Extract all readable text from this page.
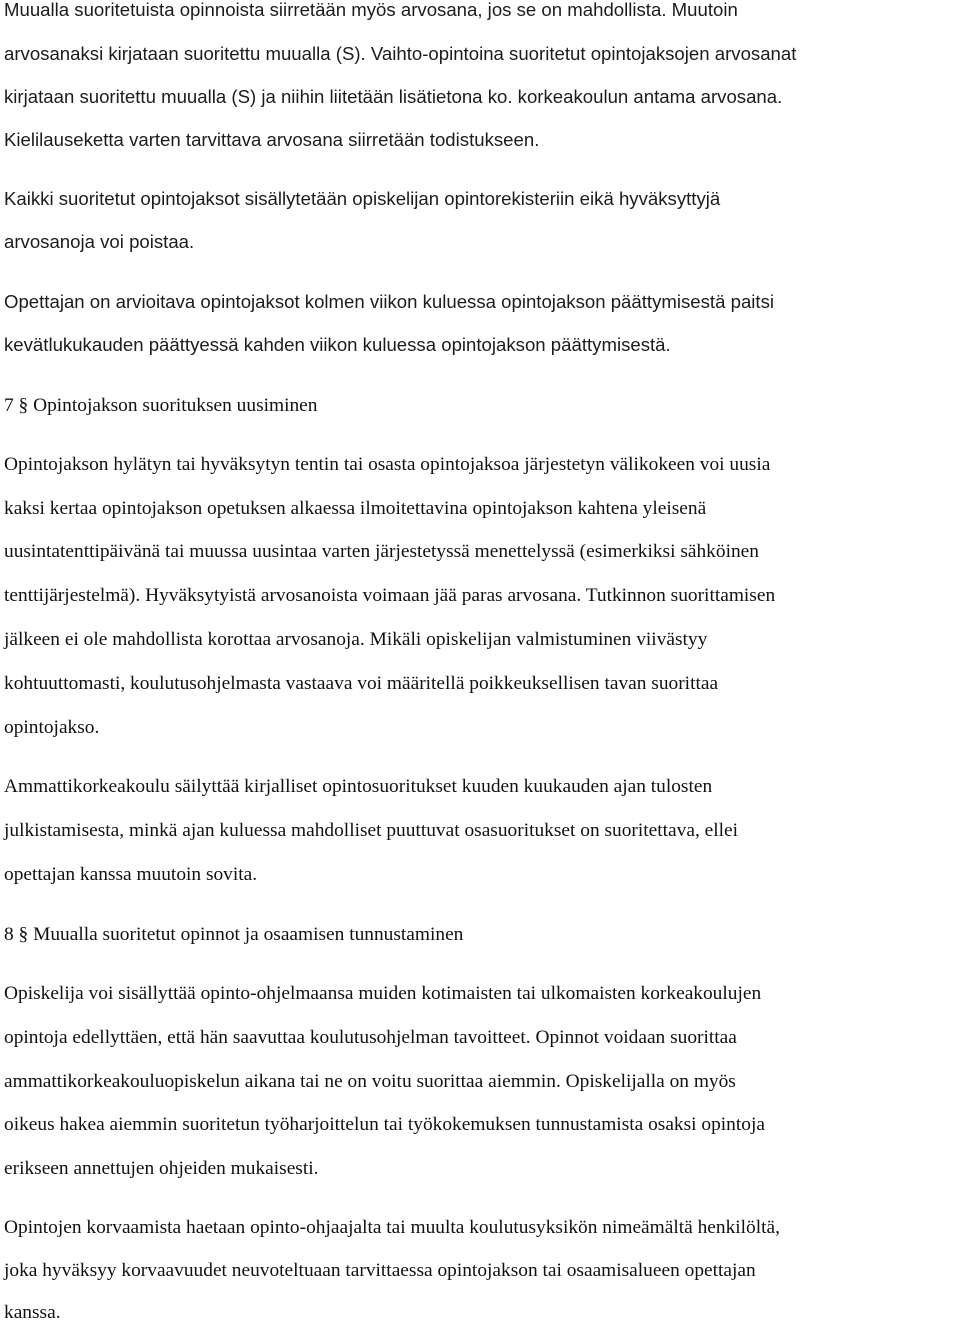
Muualla suoritetuista opinnoista siirretään myös arvosana, jos se on mahdollista. Muutoin
arvosanaksi kirjataan suoritettu muualla (S). Vaihto-opintoina suoritetut opintojaksojen arvosanat
kirjataan suoritettu muualla (S) ja niihin liitetään lisätietona ko. korkeakoulun antama arvosana.
Kielilauseketta varten tarvittava arvosana siirretään todistukseen.
Kaikki suoritetut opintojaksot sisällytetään opiskelijan opintorekisteriin eikä hyväksyttyjä
arvosanoja voi poistaa.
Opettajan on arvioitava opintojaksot kolmen viikon kuluessa opintojakson päättymisestä paitsi
kevätlukukauden päättyessä kahden viikon kuluessa opintojakson päättymisestä.
7 § Opintojakson suorituksen uusiminen
Opintojakson hylätyn tai hyväksytyn tentin tai osasta opintojaksoa järjestetyn välikokeen voi uusia
kaksi kertaa opintojakson opetuksen alkaessa ilmoitettavina opintojakson kahtena yleisenä
uusintatenttipäivänä tai muussa uusintaa varten järjestetyssä menettelyssä (esimerkiksi sähköinen
tenttijärjestelmä). Hyväksytyistä arvosanoista voimaan jää paras arvosana. Tutkinnon suorittamisen
jälkeen ei ole mahdollista korottaa arvosanoja. Mikäli opiskelijan valmistuminen viivästyy
kohtuuttomasti, koulutusohjelmasta vastaava voi määritellä poikkeuksellisen tavan suorittaa
opintojakso.
Ammattikorkeakoulu säilyttää kirjalliset opintosuoritukset kuuden kuukauden ajan tulosten
julkistamisesta, minkä ajan kuluessa mahdolliset puuttuvat osasuoritukset on suoritettava, ellei
opettajan kanssa muutoin sovita.
8 § Muualla suoritetut opinnot ja osaamisen tunnustaminen
Opiskelija voi sisällyttää opinto-ohjelmaansa muiden kotimaisten tai ulkomaisten korkeakoulujen
opintoja edellyttäen, että hän saavuttaa koulutusohjelman tavoitteet. Opinnot voidaan suorittaa
ammattikorkeakouluopiskelun aikana tai ne on voitu suorittaa aiemmin. Opiskelijalla on myös
oikeus hakea aiemmin suoritetun työharjoittelun tai työkokemuksen tunnustamista osaksi opintoja
erikseen annettujen ohjeiden mukaisesti.
Opintojen korvaamista haetaan opinto-ohjaajalta tai muulta koulutusyksikön nimeämältä henkilöltä,
joka hyväksyy korvaavuudet neuvoteltuaan tarvittaessa opintojakson tai osaamisalueen opettajan
kanssa.
